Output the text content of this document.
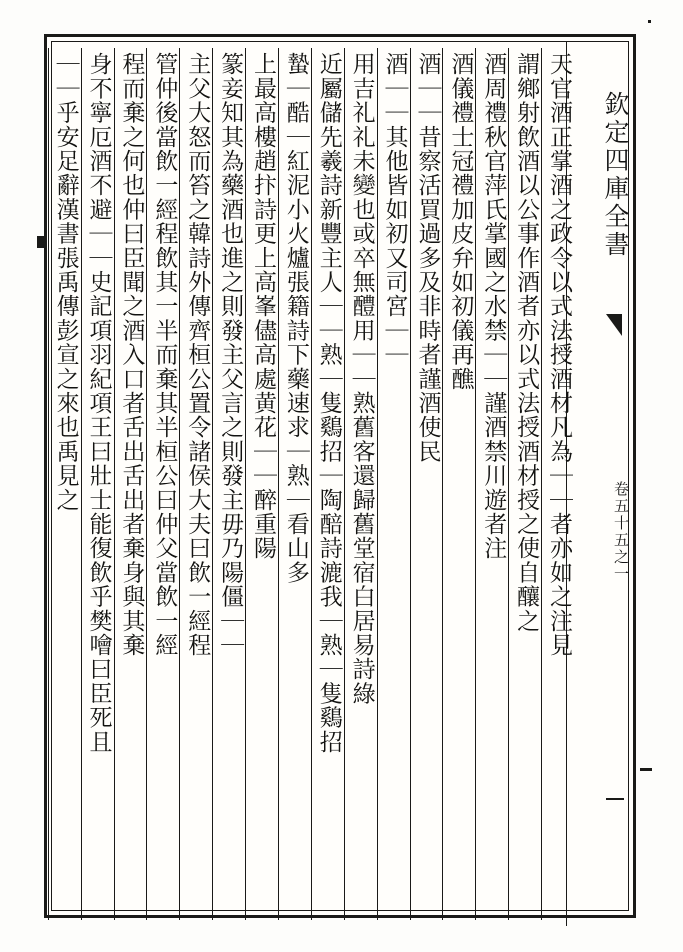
欽定四庫全書
卷五十五之一
天官酒正掌酒之政令以式法授酒材凡為｜｜者亦如之注見
謂鄉射飲酒以公事作酒者亦以式法授酒材授之使自釀之
酒周禮秋官萍氏掌國之水禁｜｜謹酒禁川遊者注
酒儀禮士冠禮加皮弁如初儀再醮
酒｜｜昔察活買過多及非時者謹酒使民
酒｜｜其他皆如初又司宮｜｜
用吉礼礼未變也或卒無醴用｜｜熟舊客還歸舊堂宿白居易詩綠
近屬儲先羲詩新豐主人｜｜熟｜隻鷄招｜陶醅詩漉我｜熟｜隻鷄招
蟄｜酷｜紅泥小火爐張籍詩下藥速求｜熟｜看山多
上最高樓趙抃詩更上高峯儘高處黄花｜｜醉重陽
篆妾知其為藥酒也進之則發主父言之則發主毋乃陽僵｜｜
主父大怒而笞之韓詩外傳齊桓公置令諸侯大夫曰飲一經程
管仲後當飲一經程飲其一半而棄其半桓公曰仲父當飲一經
程而棄之何也仲曰臣聞之酒入口者舌出舌出者棄身與其棄
身不寧厄酒不避｜｜史記項羽紀項王曰壯士能復飲乎樊噲曰臣死且
｜｜乎安足辭漢書張禹傳彭宣之來也禹見之
